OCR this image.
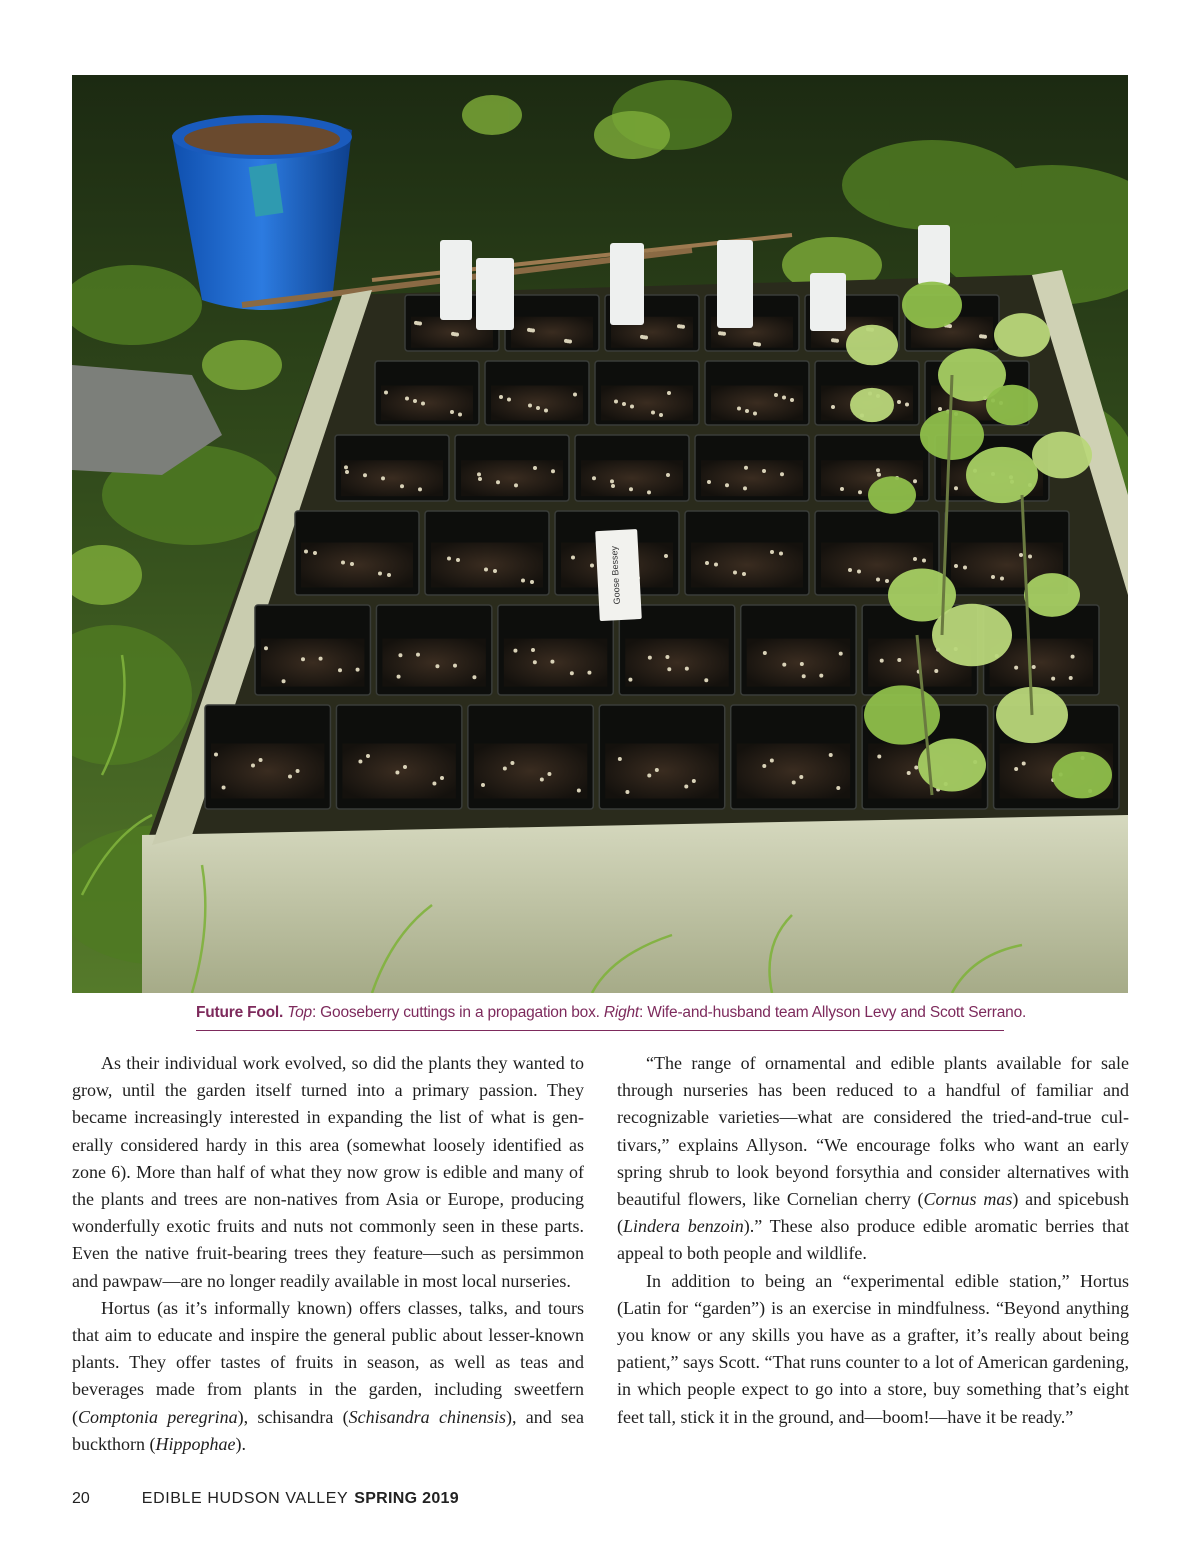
Goose Bessey
Future Fool. Top: Gooseberry cuttings in a propagation box. Right: Wife-and-husband team Allyson Levy and Scott Serrano.

As their individual work evolved, so did the plants they wanted to grow, until the garden itself turned into a primary passion. They became increasingly interested in expanding the list of what is generally considered hardy in this area (somewhat loosely identified as zone 6). More than half of what they now grow is edible and many of the plants and trees are non-natives from Asia or Europe, producing wonderfully exotic fruits and nuts not commonly seen in these parts. Even the native fruit-bearing trees they feature—such as persimmon and pawpaw—are no longer readily available in most local nurseries.

Hortus (as it’s informally known) offers classes, talks, and tours that aim to educate and inspire the general public about lesser-known plants. They offer tastes of fruits in season, as well as teas and beverages made from plants in the garden, including sweetfern (Comptonia peregrina), schisandra (Schisandra chinensis), and sea buckthorn (Hippophae).

“The range of ornamental and edible plants available for sale through nurseries has been reduced to a handful of familiar and recognizable varieties—what are considered the tried-and-true cultivars,” explains Allyson. “We encourage folks who want an early spring shrub to look beyond forsythia and consider alternatives with beautiful flowers, like Cornelian cherry (Cornus mas) and spicebush (Lindera benzoin).” These also produce edible aromatic berries that appeal to both people and wildlife.

In addition to being an “experimental edible station,” Hortus (Latin for “garden”) is an exercise in mindfulness. “Beyond anything you know or any skills you have as a grafter, it’s really about being patient,” says Scott. “That runs counter to a lot of American gardening, in which people expect to go into a store, buy something that’s eight feet tall, stick it in the ground, and—boom!—have it be ready.”

20	EDIBLE HUDSON VALLEY SPRING 2019
